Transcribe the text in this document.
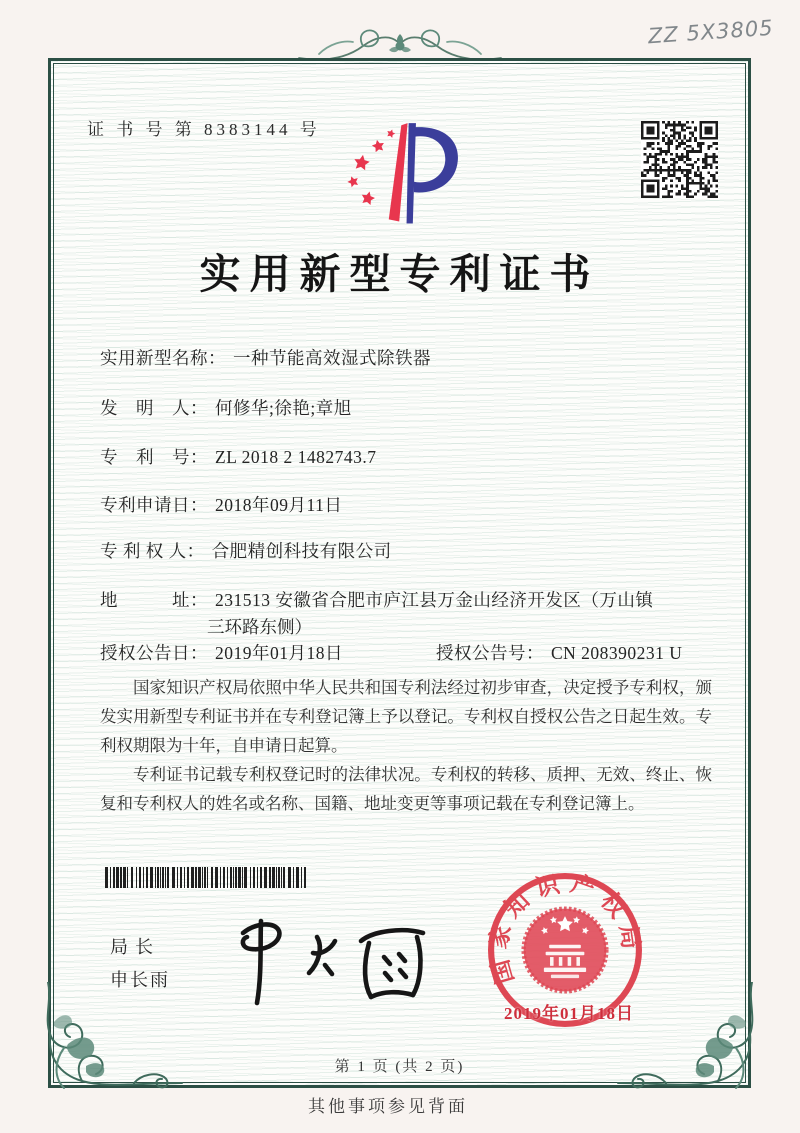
ZZ 5X3805
证 书 号 第 8383144 号
实用新型专利证书
实用新型名称： 一种节能高效湿式除铁器
发　明　人： 何修华;徐艳;章旭
专　利　号： ZL 2018 2 1482743.7
专利申请日： 2018年09月11日
专 利 权 人： 合肥精创科技有限公司
地　　　址： 231513 安徽省合肥市庐江县万金山经济开发区（万山镇
三环路东侧）
授权公告日： 2019年01月18日	授权公告号： CN 208390231 U

国家知识产权局依照中华人民共和国专利法经过初步审查，决定授予专利权，颁发实用新型专利证书并在专利登记簿上予以登记。专利权自授权公告之日起生效。专利权期限为十年，自申请日起算。

专利证书记载专利权登记时的法律状况。专利权的转移、质押、无效、终止、恢复和专利权人的姓名或名称、国籍、地址变更等事项记载在专利登记簿上。

局长
申长雨	国家知识产权局
2019年01月18日
第 1 页 (共 2 页)
其他事项参见背面
